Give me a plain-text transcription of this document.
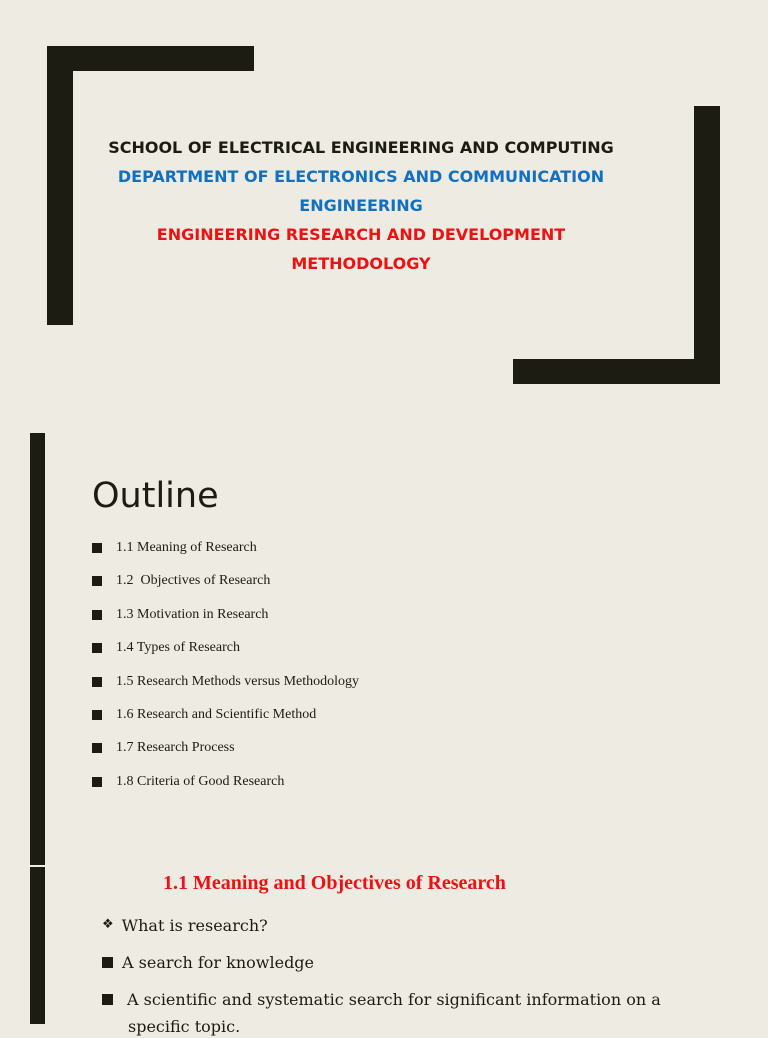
SCHOOL OF ELECTRICAL ENGINEERING AND COMPUTING
DEPARTMENT OF ELECTRONICS AND COMMUNICATION
ENGINEERING
ENGINEERING RESEARCH AND DEVELOPMENT
METHODOLOGY
Outline
1.1 Meaning of Research
1.2  Objectives of Research
1.3 Motivation in Research
1.4 Types of Research
1.5 Research Methods versus Methodology
1.6 Research and Scientific Method
1.7 Research Process
1.8 Criteria of Good Research
1.1 Meaning and Objectives of Research
❖ What is research?
A search for knowledge
A scientific and systematic search for significant information on a
specific topic.
